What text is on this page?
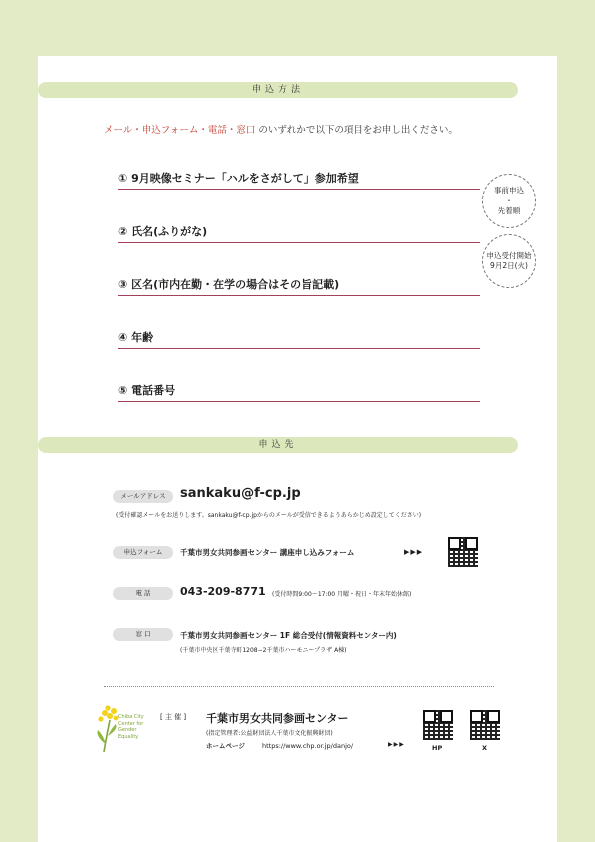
申込方法
メール・申込フォーム・電話・窓口 のいずれかで以下の項目をお申し出ください。
① 9月映像セミナー「ハルをさがして」参加希望
② 氏名(ふりがな)
③ 区名(市内在勤・在学の場合はその旨記載)
④ 年齢
⑤ 電話番号
事前申込
・
先着順
申込受付開始
9月2日(火)
申込先
メールアドレス	sankaku@f-cp.jp
(受付確認メールをお送りします。sankaku@f-cp.jpからのメールが受信できるようあらかじめ設定してください)
申込フォーム	千葉市男女共同参画センター 講座申し込みフォーム	▶▶▶
電 話	043-209-8771 (受付時間9:00〜17:00 月曜・祝日・年末年始休館)
窓 口	千葉市男女共同参画センター 1F 総合受付(情報資料センター内)
(千葉市中央区千葉寺町1208−2千葉市ハーモニープラザ A棟)
Chiba City
Center for
Gender
Equality
[ 主 催 ] 千葉市男女共同参画センター
(指定管理者:公益財団法人千葉市文化振興財団)
ホームページ	https://www.chp.or.jp/danjo/	▶▶▶	HP	X
